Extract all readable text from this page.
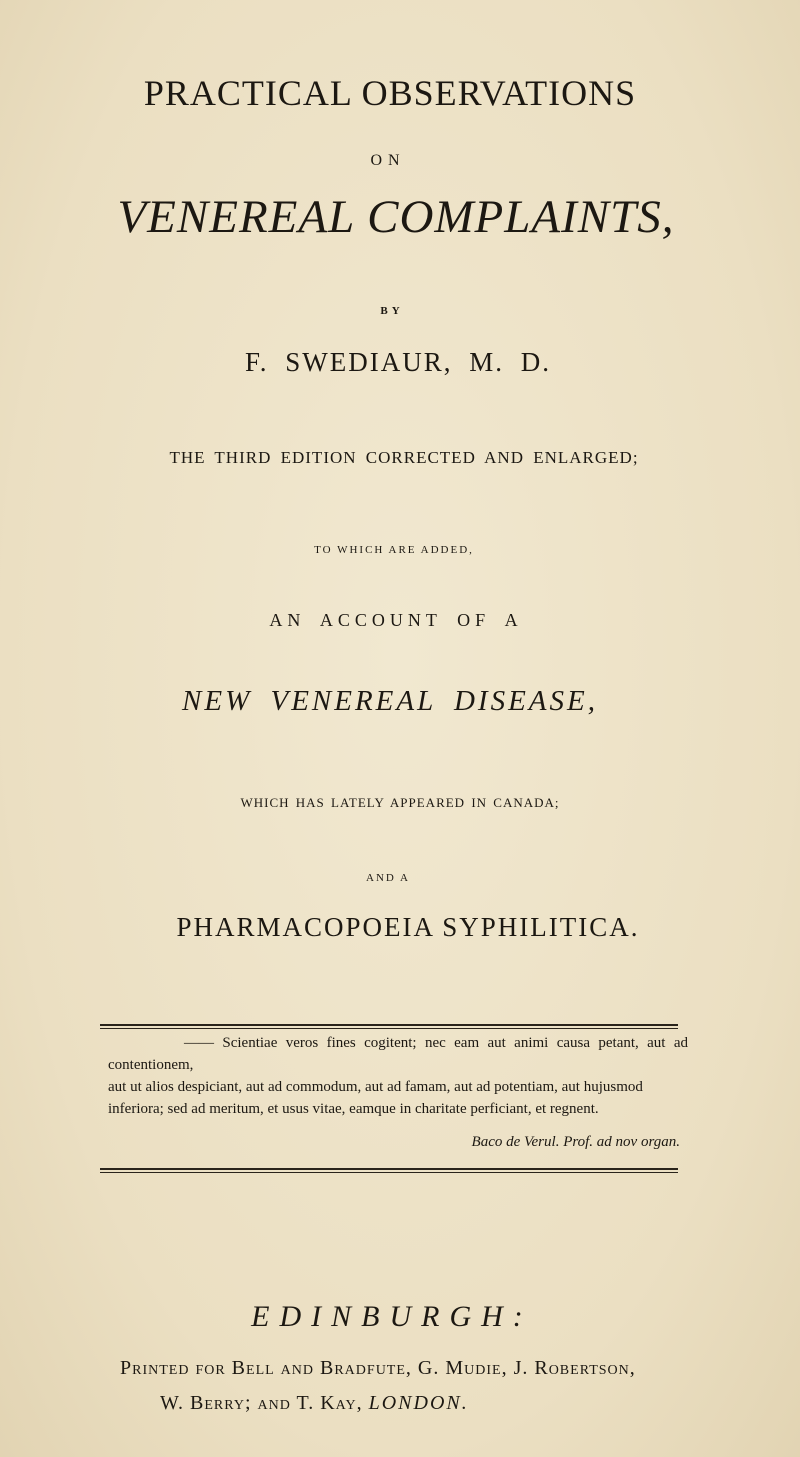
PRACTICAL OBSERVATIONS
ON
VENEREAL COMPLAINTS,
BY
F. SWEDIAUR, M. D.
THE THIRD EDITION CORRECTED AND ENLARGED;
TO WHICH ARE ADDED,
AN ACCOUNT OF A
NEW VENEREAL DISEASE,
WHICH HAS LATELY APPEARED IN CANADA;
AND A
PHARMACOPOEIA SYPHILITICA.
—— Scientiae veros fines cogitent; nec eam aut animi causa petant, aut ad contentionem,
aut ut alios despiciant, aut ad commodum, aut ad famam, aut ad potentiam, aut hujusmod
inferiora; sed ad meritum, et usus vitae, eamque in charitate perficiant, et regnent.
Baco de Verul. Prof. ad nov organ.
EDINBURGH:
Printed for Bell and Bradfute, G. Mudie, J. Robertson,
W. Berry; and T. Kay, LONDON.
